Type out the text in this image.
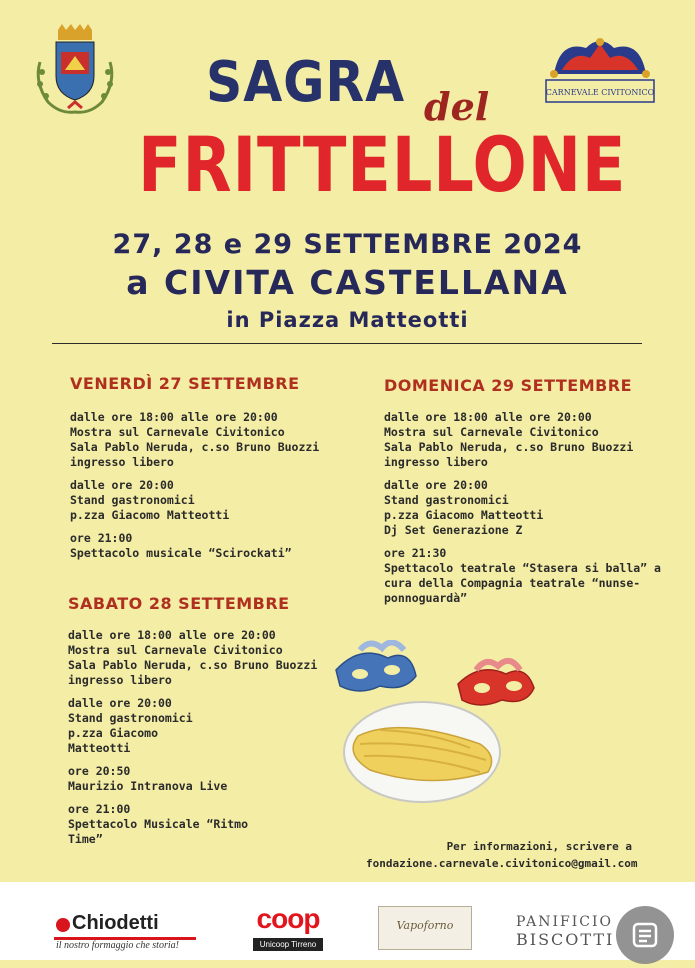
CARNEVALE CIVITONICO
SAGRA del
FRITTELLONE
27, 28 e 29 SETTEMBRE 2024
a CIVITA CASTELLANA
in Piazza Matteotti
VENERDÌ 27 SETTEMBRE
dalle ore 18:00 alle ore 20:00
Mostra sul Carnevale Civitonico
Sala Pablo Neruda, c.so Bruno Buozzi
ingresso libero

dalle ore 20:00
Stand gastronomici
p.zza Giacomo Matteotti

ore 21:00
Spettacolo musicale “Scirockati”
SABATO 28 SETTEMBRE
dalle ore 18:00 alle ore 20:00
Mostra sul Carnevale Civitonico
Sala Pablo Neruda, c.so Bruno Buozzi
ingresso libero

dalle ore 20:00
Stand gastronomici
p.zza Giacomo
Matteotti

ore 20:50
Maurizio Intranova Live

ore 21:00
Spettacolo Musicale “Ritmo
Time”
DOMENICA 29 SETTEMBRE
dalle ore 18:00 alle ore 20:00
Mostra sul Carnevale Civitonico
Sala Pablo Neruda, c.so Bruno Buozzi
ingresso libero

dalle ore 20:00
Stand gastronomici
p.zza Giacomo Matteotti
Dj Set Generazione Z

ore 21:30
Spettacolo teatrale “Stasera si balla” a
cura della Compagnia teatrale “nunse-
ponnoguardà”
Per informazioni, scrivere a
fondazione.carnevale.civitonico@gmail.com
Chiodetti
il nostro formaggio che storia!
coop
Unicoop Tirreno
Vapoforno	PANIFICIO
BISCOTTI
